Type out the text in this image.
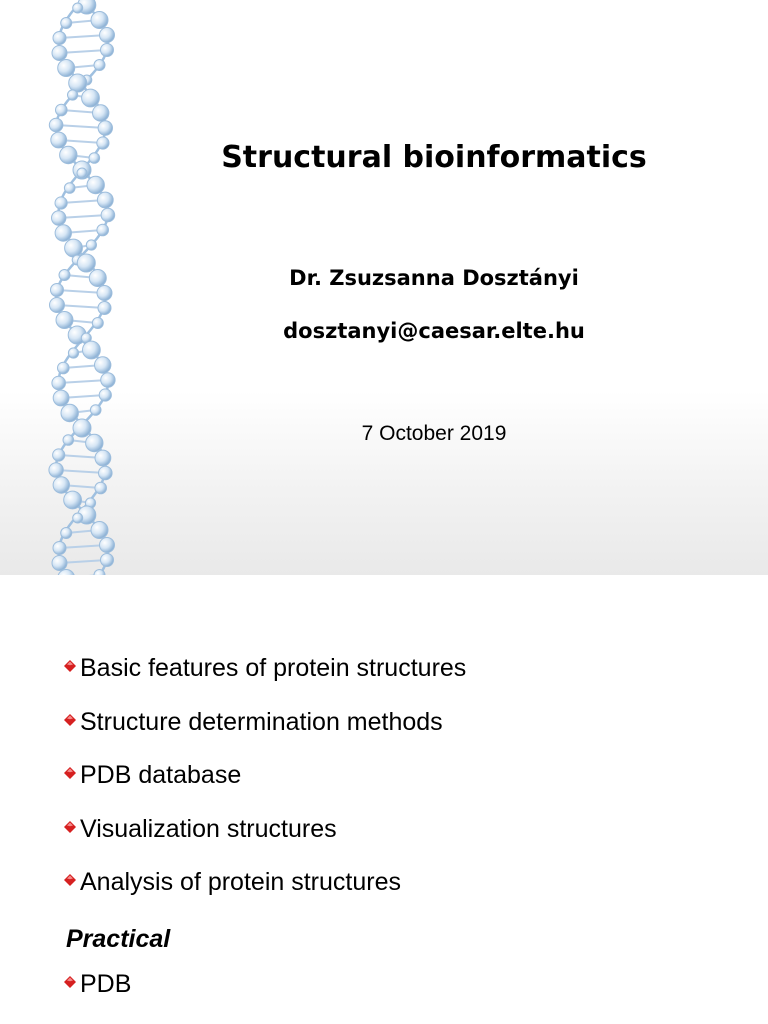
Structural bioinformatics
Dr. Zsuzsanna Dosztányi
dosztanyi@caesar.elte.hu
7 October 2019
Basic features of protein structures
Structure determination methods
PDB database
Visualization structures
Analysis of protein structures
Practical
PDB
